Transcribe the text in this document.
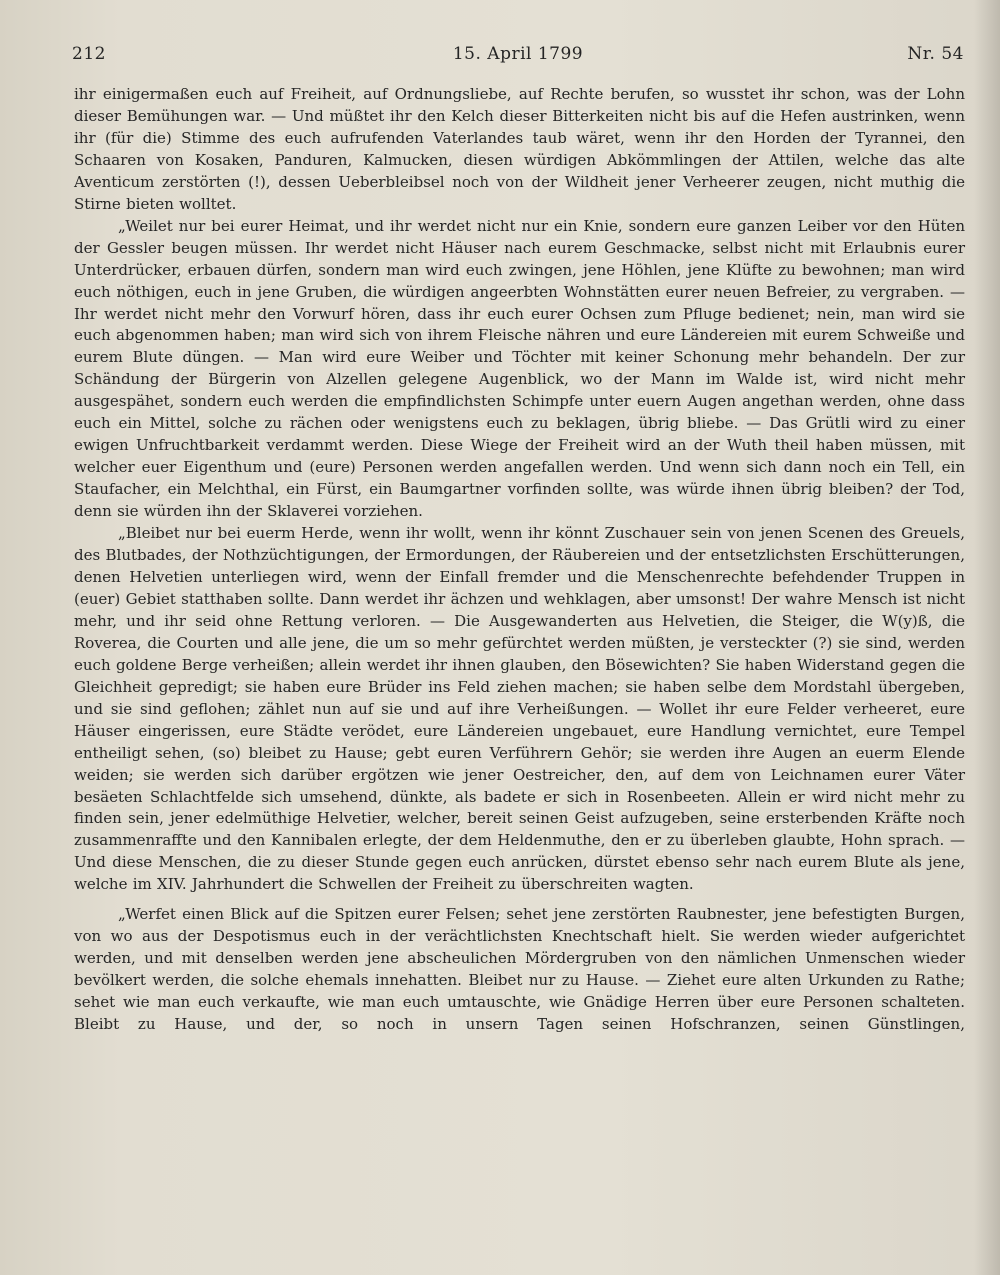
212	15. April 1799	Nr. 54

ihr einigermaßen euch auf Freiheit, auf Ordnungsliebe, auf Rechte berufen, so wusstet ihr schon, was der Lohn dieser Bemühungen war. — Und müßtet ihr den Kelch dieser Bitterkeiten nicht bis auf die Hefen austrinken, wenn ihr (für die) Stimme des euch aufrufenden Vaterlandes taub wäret, wenn ihr den Horden der Tyrannei, den Schaaren von Kosaken, Panduren, Kalmucken, diesen würdigen Abkömmlingen der Attilen, welche das alte Aventicum zerstörten (!), dessen Ueberbleibsel noch von der Wildheit jener Verheerer zeugen, nicht muthig die Stirne bieten wolltet.

„Weilet nur bei eurer Heimat, und ihr werdet nicht nur ein Knie, sondern eure ganzen Leiber vor den Hüten der Gessler beugen müssen. Ihr werdet nicht Häuser nach eurem Geschmacke, selbst nicht mit Erlaubnis eurer Unterdrücker, erbauen dürfen, sondern man wird euch zwingen, jene Höhlen, jene Klüfte zu bewohnen; man wird euch nöthigen, euch in jene Gruben, die würdigen angeerbten Wohnstätten eurer neuen Befreier, zu vergraben. — Ihr werdet nicht mehr den Vorwurf hören, dass ihr euch eurer Ochsen zum Pfluge bedienet; nein, man wird sie euch abgenommen haben; man wird sich von ihrem Fleische nähren und eure Ländereien mit eurem Schweiße und eurem Blute düngen. — Man wird eure Weiber und Töchter mit keiner Schonung mehr behandeln. Der zur Schändung der Bürgerin von Alzellen gelegene Augenblick, wo der Mann im Walde ist, wird nicht mehr ausgespähet, sondern euch werden die empfindlichsten Schimpfe unter euern Augen angethan werden, ohne dass euch ein Mittel, solche zu rächen oder wenigstens euch zu beklagen, übrig bliebe. — Das Grütli wird zu einer ewigen Unfruchtbarkeit verdammt werden. Diese Wiege der Freiheit wird an der Wuth theil haben müssen, mit welcher euer Eigenthum und (eure) Personen werden angefallen werden. Und wenn sich dann noch ein Tell, ein Staufacher, ein Melchthal, ein Fürst, ein Baumgartner vorfinden sollte, was würde ihnen übrig bleiben? der Tod, denn sie würden ihn der Sklaverei vorziehen.

„Bleibet nur bei euerm Herde, wenn ihr wollt, wenn ihr könnt Zuschauer sein von jenen Scenen des Greuels, des Blutbades, der Nothzüchtigungen, der Ermordungen, der Räubereien und der entsetzlichsten Erschütterungen, denen Helvetien unterliegen wird, wenn der Einfall fremder und die Menschenrechte befehdender Truppen in (euer) Gebiet statthaben sollte. Dann werdet ihr ächzen und wehklagen, aber umsonst! Der wahre Mensch ist nicht mehr, und ihr seid ohne Rettung verloren. — Die Ausgewanderten aus Helvetien, die Steiger, die W(y)ß, die Roverea, die Courten und alle jene, die um so mehr gefürchtet werden müßten, je versteckter (?) sie sind, werden euch goldene Berge verheißen; allein werdet ihr ihnen glauben, den Bösewichten? Sie haben Widerstand gegen die Gleichheit gepredigt; sie haben eure Brüder ins Feld ziehen machen; sie haben selbe dem Mordstahl übergeben, und sie sind geflohen; zählet nun auf sie und auf ihre Verheißungen. — Wollet ihr eure Felder verheeret, eure Häuser eingerissen, eure Städte verödet, eure Ländereien ungebauet, eure Handlung vernichtet, eure Tempel entheiligt sehen, (so) bleibet zu Hause; gebt euren Verführern Gehör; sie werden ihre Augen an euerm Elende weiden; sie werden sich darüber ergötzen wie jener Oestreicher, den, auf dem von Leichnamen eurer Väter besäeten Schlachtfelde sich umsehend, dünkte, als badete er sich in Rosenbeeten. Allein er wird nicht mehr zu finden sein, jener edelmüthige Helvetier, welcher, bereit seinen Geist aufzugeben, seine ersterbenden Kräfte noch zusammenraffte und den Kannibalen erlegte, der dem Heldenmuthe, den er zu überleben glaubte, Hohn sprach. — Und diese Menschen, die zu dieser Stunde gegen euch anrücken, dürstet ebenso sehr nach eurem Blute als jene, welche im XIV. Jahrhundert die Schwellen der Freiheit zu überschreiten wagten.

„Werfet einen Blick auf die Spitzen eurer Felsen; sehet jene zerstörten Raubnester, jene befestigten Burgen, von wo aus der Despotismus euch in der verächtlichsten Knechtschaft hielt. Sie werden wieder aufgerichtet werden, und mit denselben werden jene abscheulichen Mördergruben von den nämlichen Unmenschen wieder bevölkert werden, die solche ehemals innehatten. Bleibet nur zu Hause. — Ziehet eure alten Urkunden zu Rathe; sehet wie man euch verkaufte, wie man euch umtauschte, wie Gnädige Herren über eure Personen schalteten. Bleibt zu Hause, und der, so noch in unsern Tagen seinen Hofschranzen, seinen Günstlingen,
